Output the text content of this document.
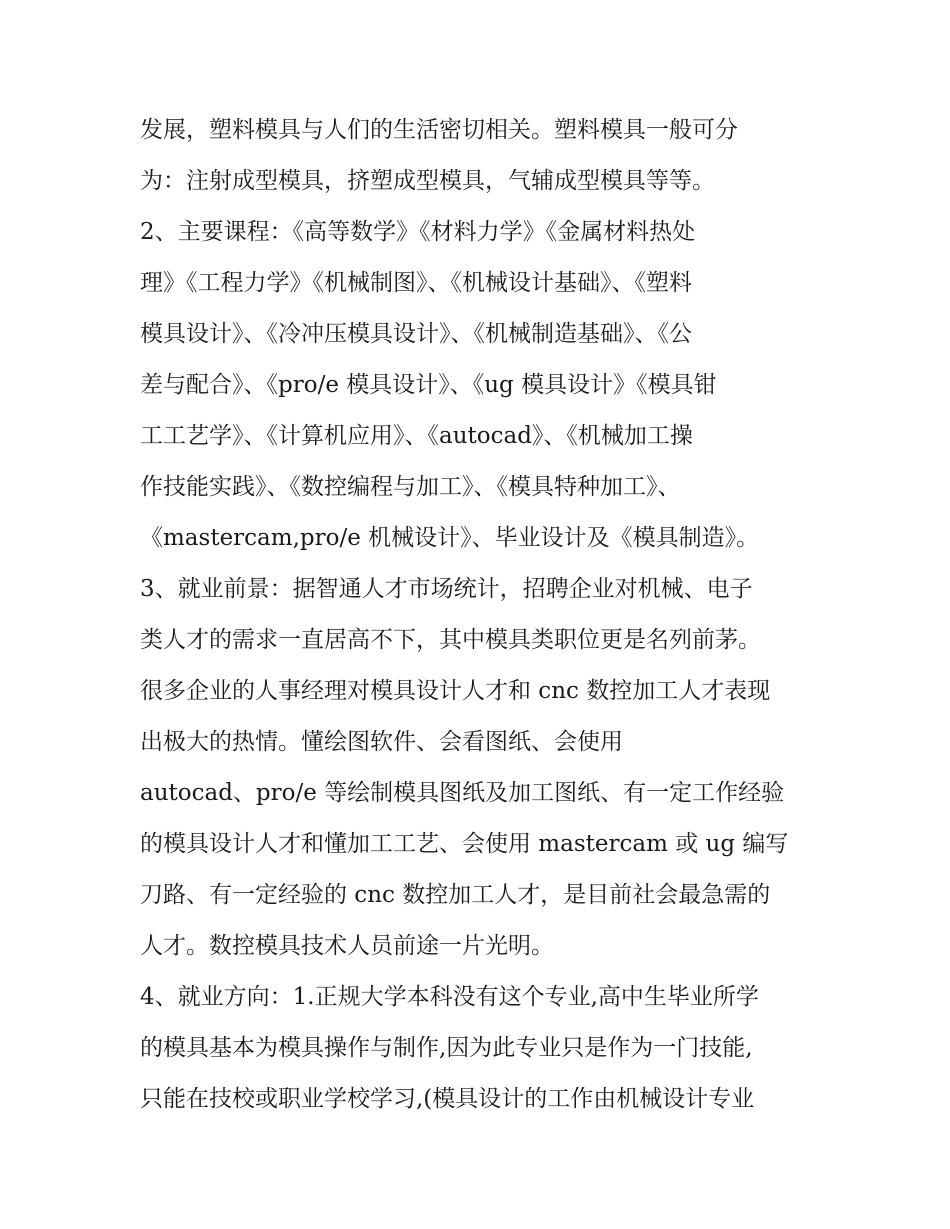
发展，塑料模具与人们的生活密切相关。塑料模具一般可分
为：注射成型模具，挤塑成型模具，气辅成型模具等等。
2、主要课程：《高等数学》《材料力学》《金属材料热处
理》《工程力学》《机械制图》、《机械设计基础》、《塑料
模具设计》、《冷冲压模具设计》、《机械制造基础》、《公
差与配合》、《pro/e 模具设计》、《ug 模具设计》《模具钳
工工艺学》、《计算机应用》、《autocad》、《机械加工操
作技能实践》、《数控编程与加工》、《模具特种加工》、
《mastercam,pro/e 机械设计》、毕业设计及《模具制造》。
3、就业前景：据智通人才市场统计，招聘企业对机械、电子
类人才的需求一直居高不下，其中模具类职位更是名列前茅。
很多企业的人事经理对模具设计人才和 cnc 数控加工人才表现
出极大的热情。懂绘图软件、会看图纸、会使用
autocad、pro/e 等绘制模具图纸及加工图纸、有一定工作经验
的模具设计人才和懂加工工艺、会使用 mastercam 或 ug 编写
刀路、有一定经验的 cnc 数控加工人才，是目前社会最急需的
人才。数控模具技术人员前途一片光明。
4、就业方向：1.正规大学本科没有这个专业,高中生毕业所学
的模具基本为模具操作与制作,因为此专业只是作为一门技能,
只能在技校或职业学校学习,(模具设计的工作由机械设计专业
